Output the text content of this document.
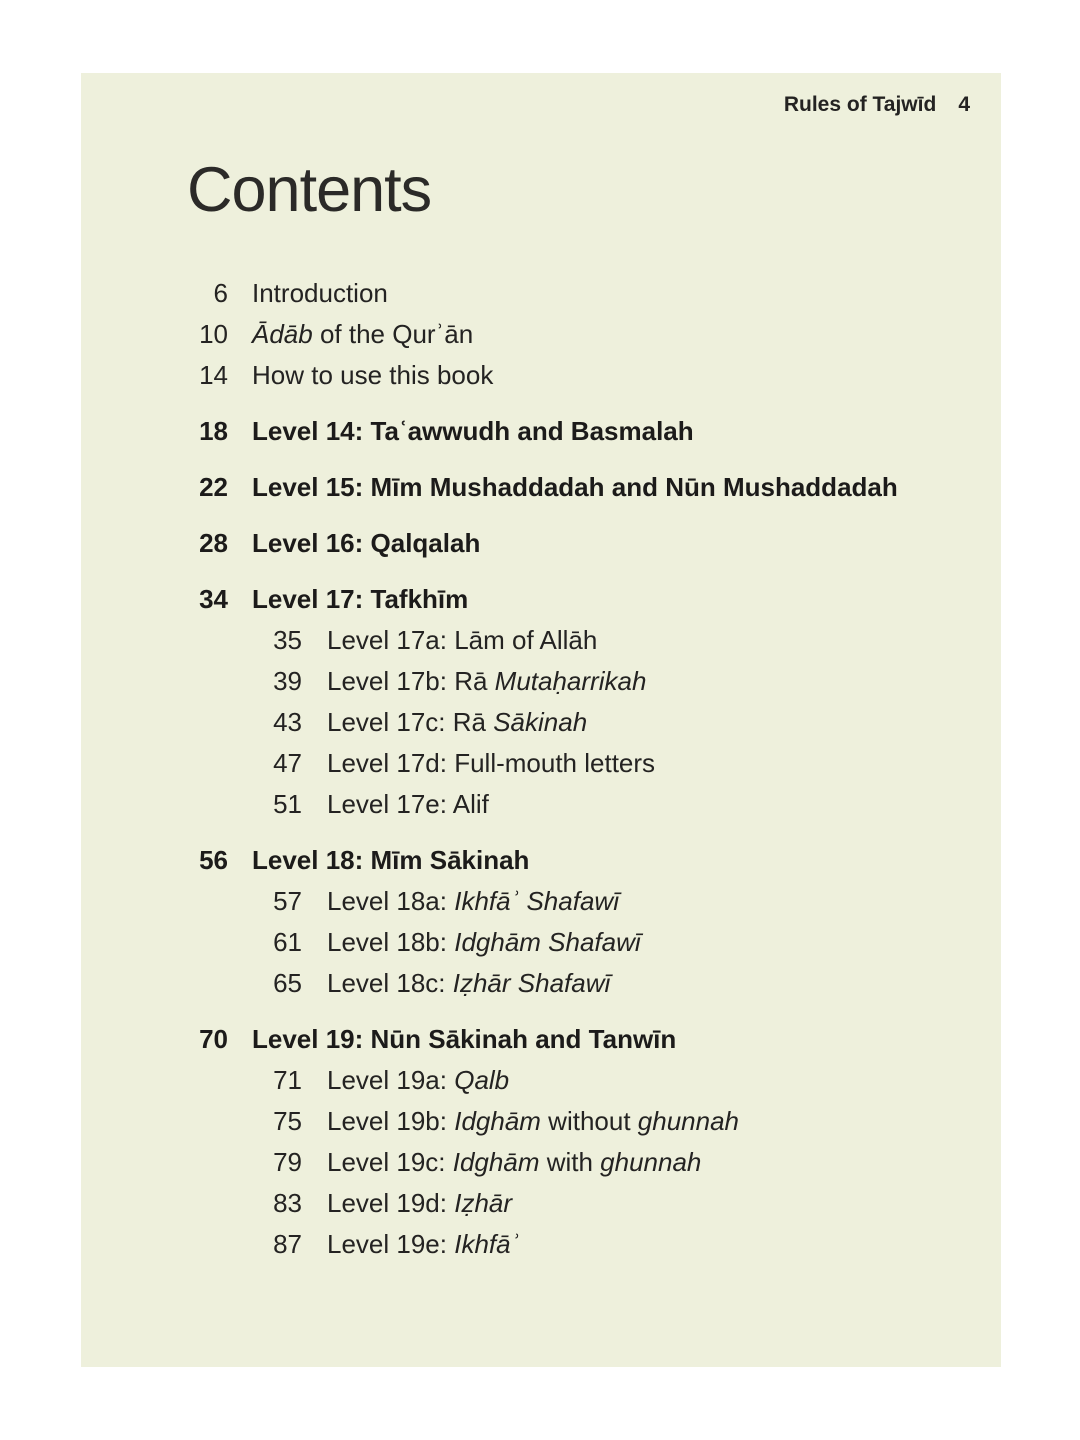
Rules of Tajwīd 4
Contents
6 Introduction
10 Ādāb of the Qurʾān
14 How to use this book
18 Level 14: Taʿawwudh and Basmalah
22 Level 15: Mīm Mushaddadah and Nūn Mushaddadah
28 Level 16: Qalqalah
34 Level 17: Tafkhīm
35 Level 17a: Lām of Allāh
39 Level 17b: Rā Mutaḥarrikah
43 Level 17c: Rā Sākinah
47 Level 17d: Full-mouth letters
51 Level 17e: Alif
56 Level 18: Mīm Sākinah
57 Level 18a: Ikhfāʾ Shafawī
61 Level 18b: Idghām Shafawī
65 Level 18c: Iẓhār Shafawī
70 Level 19: Nūn Sākinah and Tanwīn
71 Level 19a: Qalb
75 Level 19b: Idghām without ghunnah
79 Level 19c: Idghām with ghunnah
83 Level 19d: Iẓhār
87 Level 19e: Ikhfāʾ
